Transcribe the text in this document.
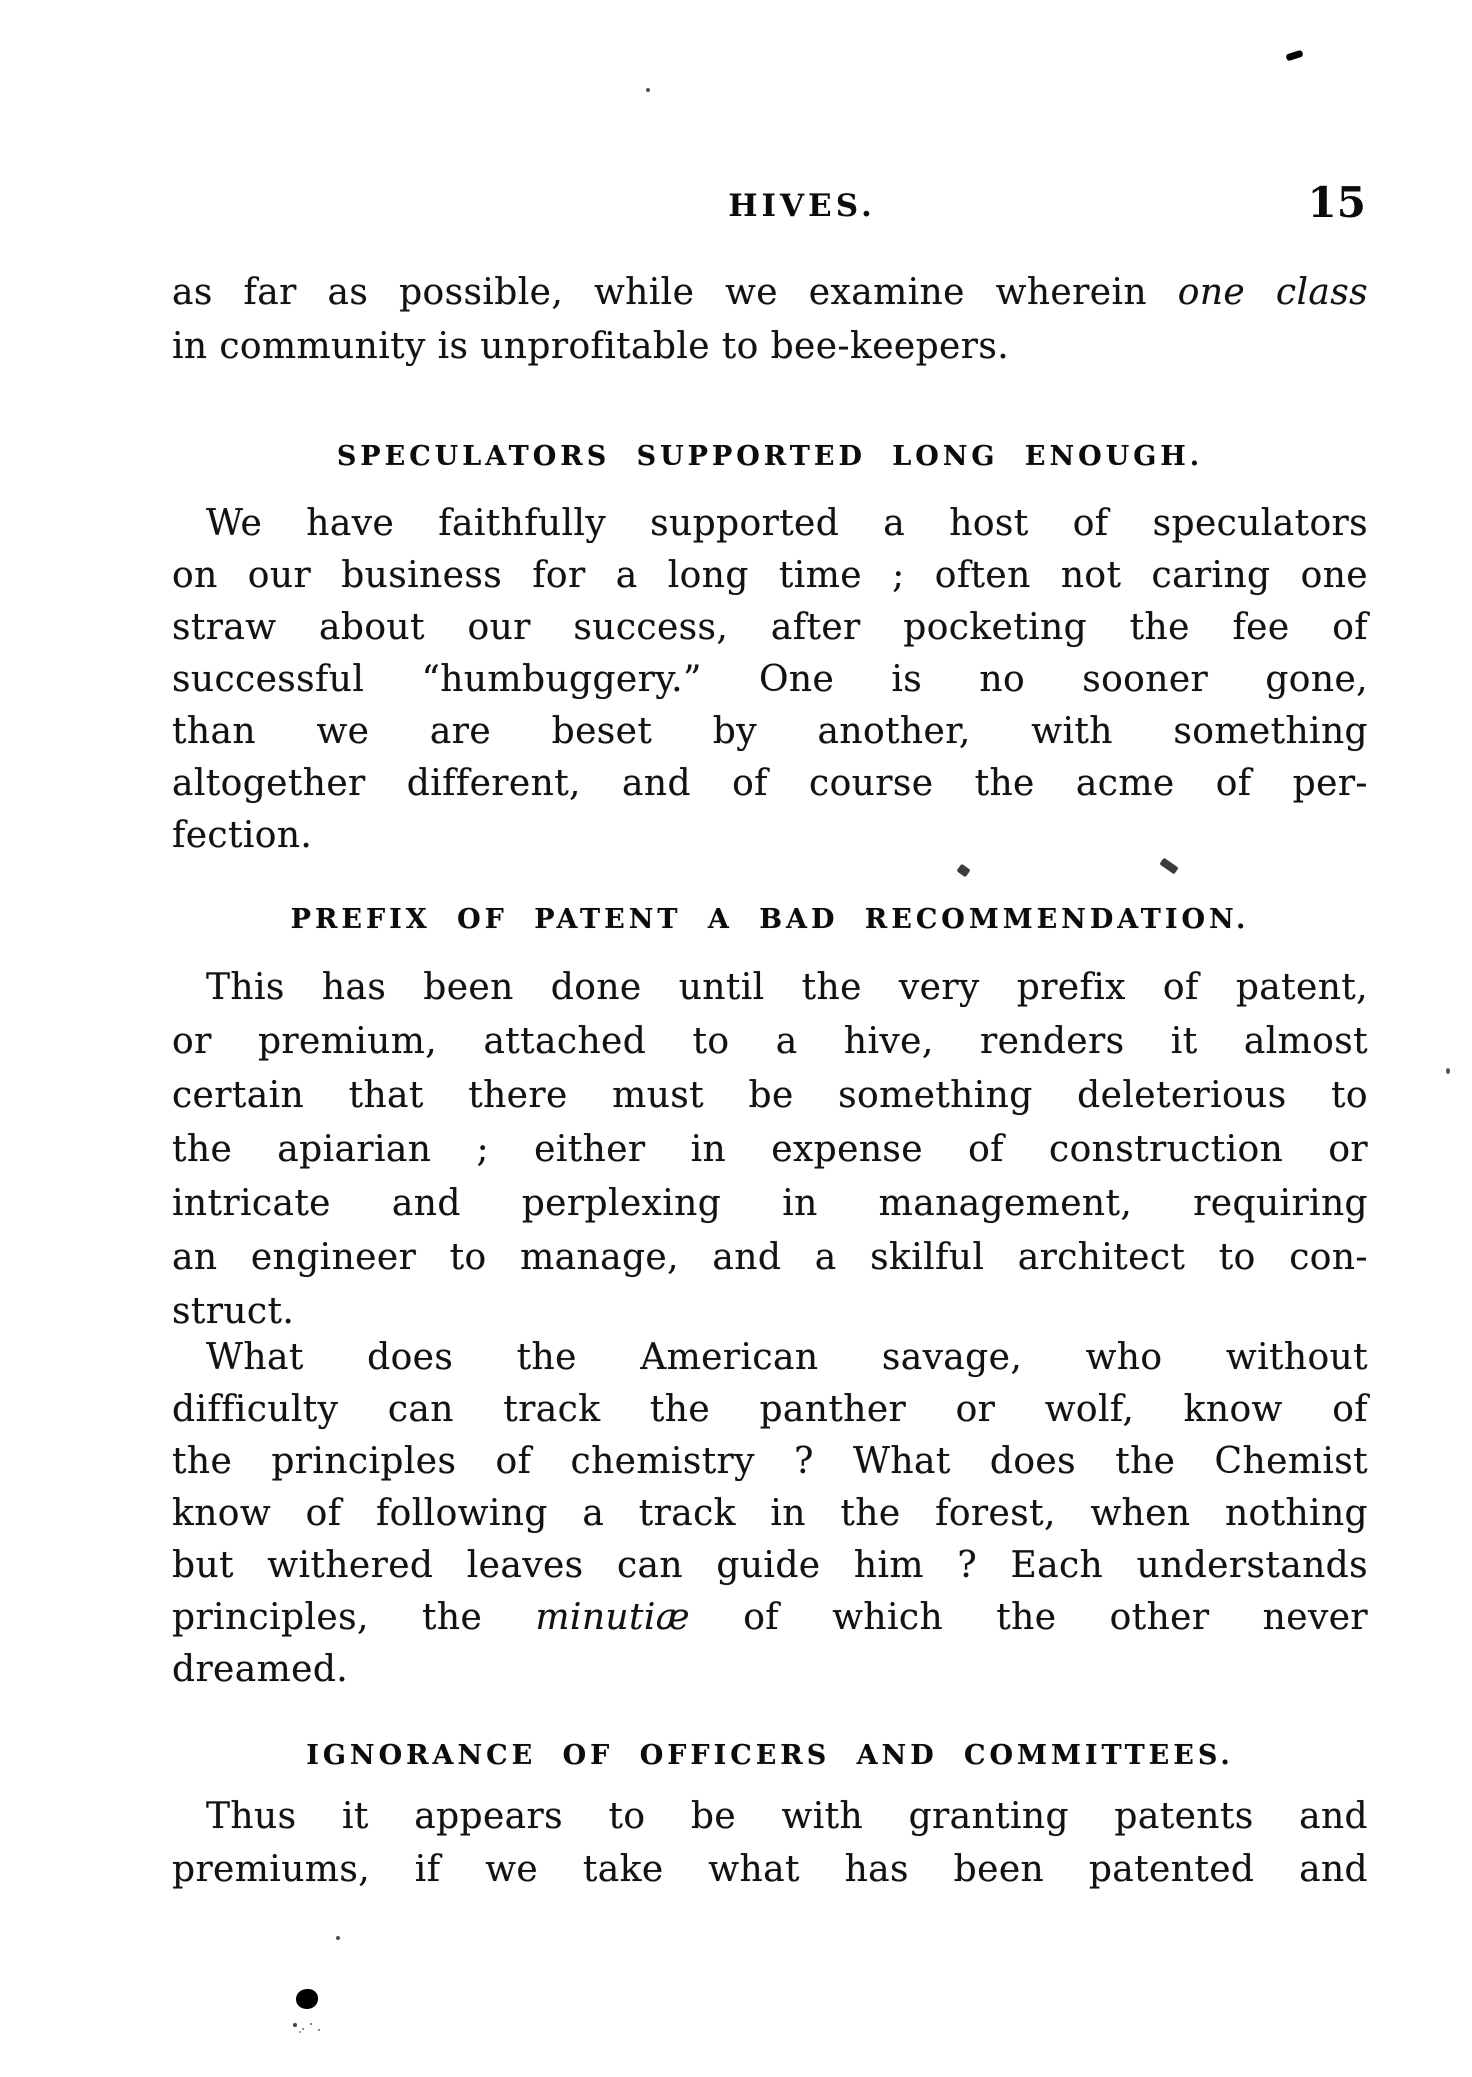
HIVES.	15
as far as possible, while we examine wherein one class
in community is unprofitable to bee-keepers.
SPECULATORS SUPPORTED LONG ENOUGH.
We have faithfully supported a host of speculators
on our business for a long time ; often not caring one
straw about our success, after pocketing the fee of
successful “humbuggery.” One is no sooner gone,
than we are beset by another, with something
altogether different, and of course the acme of per-
fection.
PREFIX OF PATENT A BAD RECOMMENDATION.
This has been done until the very prefix of patent,
or premium, attached to a hive, renders it almost
certain that there must be something deleterious to
the apiarian ; either in expense of construction or
intricate and perplexing in management, requiring
an engineer to manage, and a skilful architect to con-
struct.
What does the American savage, who without
difficulty can track the panther or wolf, know of
the principles of chemistry ? What does the Chemist
know of following a track in the forest, when nothing
but withered leaves can guide him ? Each understands
principles, the minutiæ of which the other never
dreamed.
IGNORANCE OF OFFICERS AND COMMITTEES.
Thus it appears to be with granting patents and
premiums, if we take what has been patented and
